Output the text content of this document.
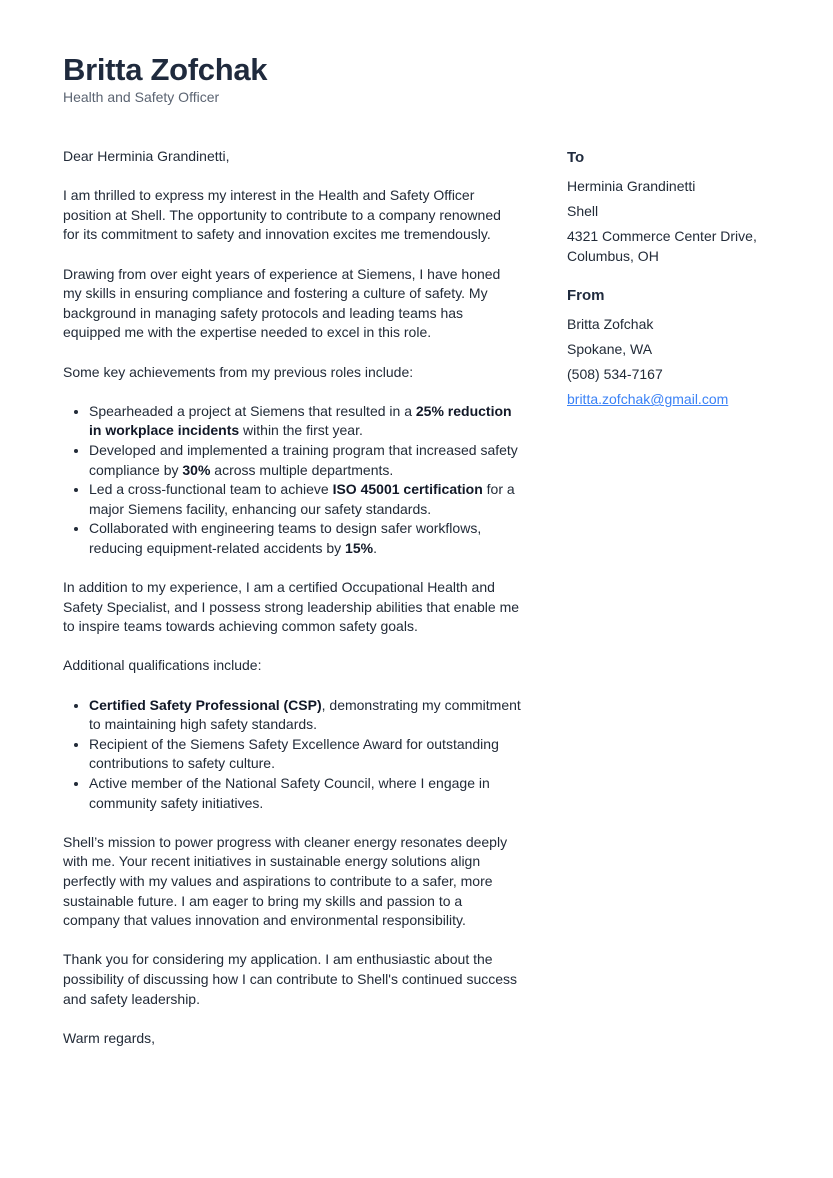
Britta Zofchak
Health and Safety Officer

Dear Herminia Grandinetti,

I am thrilled to express my interest in the Health and Safety Officer position at Shell. The opportunity to contribute to a company renowned for its commitment to safety and innovation excites me tremendously.

Drawing from over eight years of experience at Siemens, I have honed my skills in ensuring compliance and fostering a culture of safety. My background in managing safety protocols and leading teams has equipped me with the expertise needed to excel in this role.

Some key achievements from my previous roles include:

• Spearheaded a project at Siemens that resulted in a 25% reduction in workplace incidents within the first year.
• Developed and implemented a training program that increased safety compliance by 30% across multiple departments.
• Led a cross-functional team to achieve ISO 45001 certification for a major Siemens facility, enhancing our safety standards.
• Collaborated with engineering teams to design safer workflows, reducing equipment-related accidents by 15%.

In addition to my experience, I am a certified Occupational Health and Safety Specialist, and I possess strong leadership abilities that enable me to inspire teams towards achieving common safety goals.

Additional qualifications include:

• Certified Safety Professional (CSP), demonstrating my commitment to maintaining high safety standards.
• Recipient of the Siemens Safety Excellence Award for outstanding contributions to safety culture.
• Active member of the National Safety Council, where I engage in community safety initiatives.

Shell’s mission to power progress with cleaner energy resonates deeply with me. Your recent initiatives in sustainable energy solutions align perfectly with my values and aspirations to contribute to a safer, more sustainable future. I am eager to bring my skills and passion to a company that values innovation and environmental responsibility.

Thank you for considering my application. I am enthusiastic about the possibility of discussing how I can contribute to Shell's continued success and safety leadership.

Warm regards,

To
Herminia Grandinetti
Shell
4321 Commerce Center Drive, Columbus, OH
From
Britta Zofchak
Spokane, WA
(508) 534-7167
britta.zofchak@gmail.com
